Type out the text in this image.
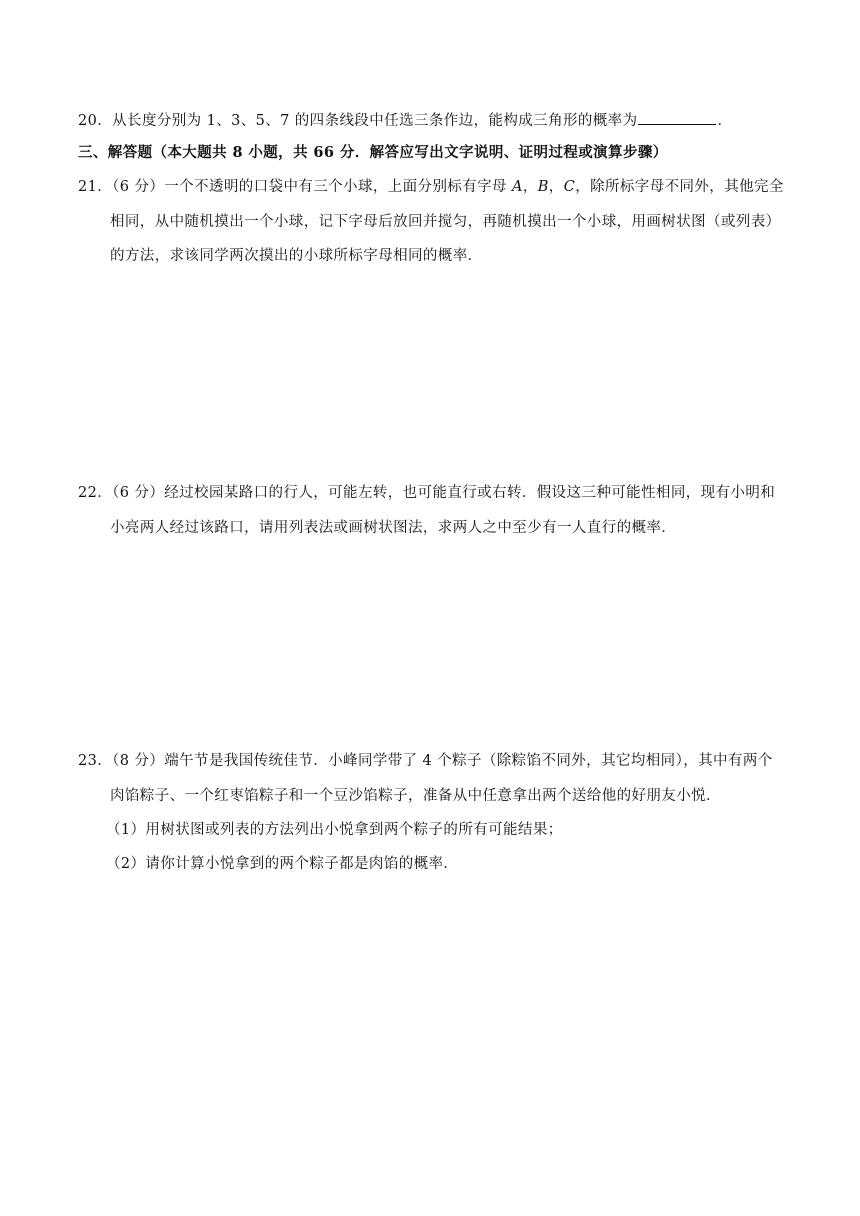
20．从长度分别为 1、3、5、7 的四条线段中任选三条作边，能构成三角形的概率为	．
三、解答题（本大题共 8 小题，共 66 分．解答应写出文字说明、证明过程或演算步骤）
21．（6 分）一个不透明的口袋中有三个小球，上面分别标有字母 A，B，C，除所标字母不同外，其他完全
相同，从中随机摸出一个小球，记下字母后放回并搅匀，再随机摸出一个小球，用画树状图（或列表）
的方法，求该同学两次摸出的小球所标字母相同的概率．
22．（6 分）经过校园某路口的行人，可能左转，也可能直行或右转．假设这三种可能性相同，现有小明和
小亮两人经过该路口，请用列表法或画树状图法，求两人之中至少有一人直行的概率．
23．（8 分）端午节是我国传统佳节．小峰同学带了 4 个粽子（除粽馅不同外，其它均相同），其中有两个
肉馅粽子、一个红枣馅粽子和一个豆沙馅粽子，准备从中任意拿出两个送给他的好朋友小悦．
（1）用树状图或列表的方法列出小悦拿到两个粽子的所有可能结果；
（2）请你计算小悦拿到的两个粽子都是肉馅的概率．
